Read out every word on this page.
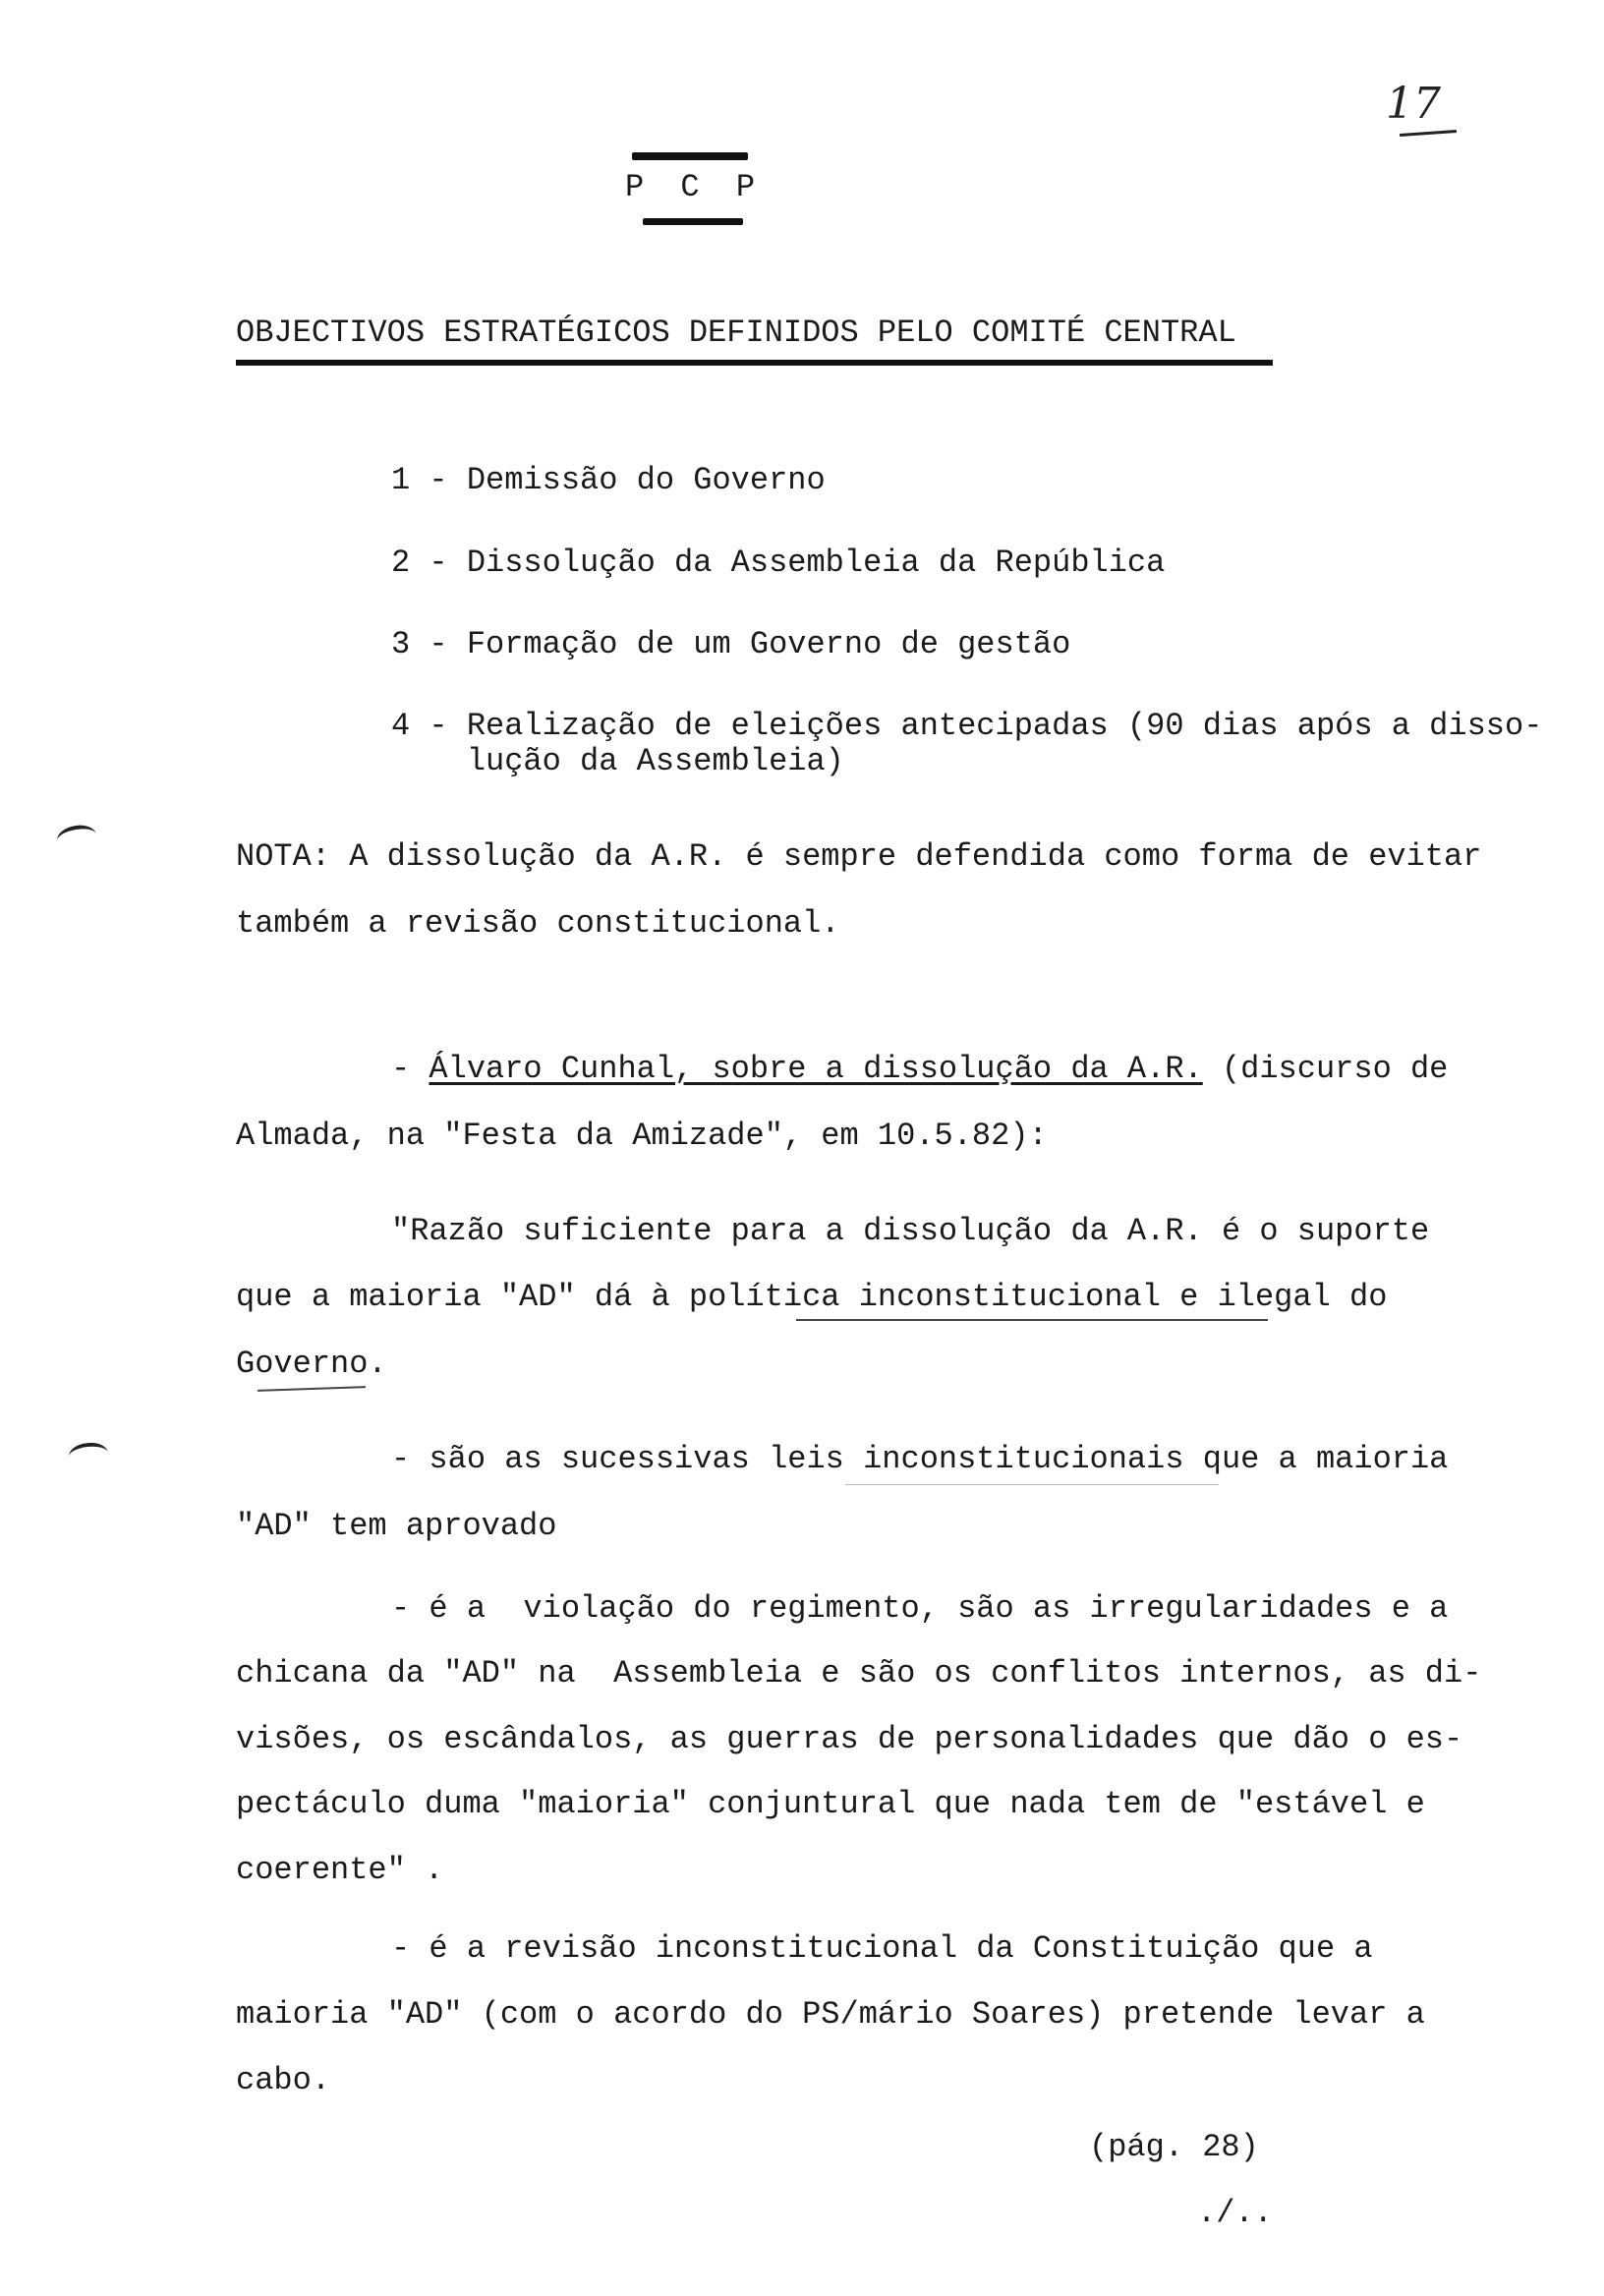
17
P C P
OBJECTIVOS ESTRATÉGICOS DEFINIDOS PELO COMITÉ CENTRAL
1 - Demissão do Governo
2 - Dissolução da Assembleia da República
3 - Formação de um Governo de gestão
4 - Realização de eleições antecipadas (90 dias após a disso-
lução da Assembleia)
NOTA: A dissolução da A.R. é sempre defendida como forma de evitar
também a revisão constitucional.
- Álvaro Cunhal, sobre a dissolução da A.R. (discurso de
Almada, na "Festa da Amizade", em 10.5.82):
"Razão suficiente para a dissolução da A.R. é o suporte
que a maioria "AD" dá à política inconstitucional e ilegal do
Governo.
- são as sucessivas leis inconstitucionais que a maioria
"AD" tem aprovado
- é a  violação do regimento, são as irregularidades e a
chicana da "AD" na  Assembleia e são os conflitos internos, as di-
visões, os escândalos, as guerras de personalidades que dão o es-
pectáculo duma "maioria" conjuntural que nada tem de "estável e
coerente" .
- é a revisão inconstitucional da Constituição que a
maioria "AD" (com o acordo do PS/mário Soares) pretende levar a
cabo.
(pág. 28)
./..
